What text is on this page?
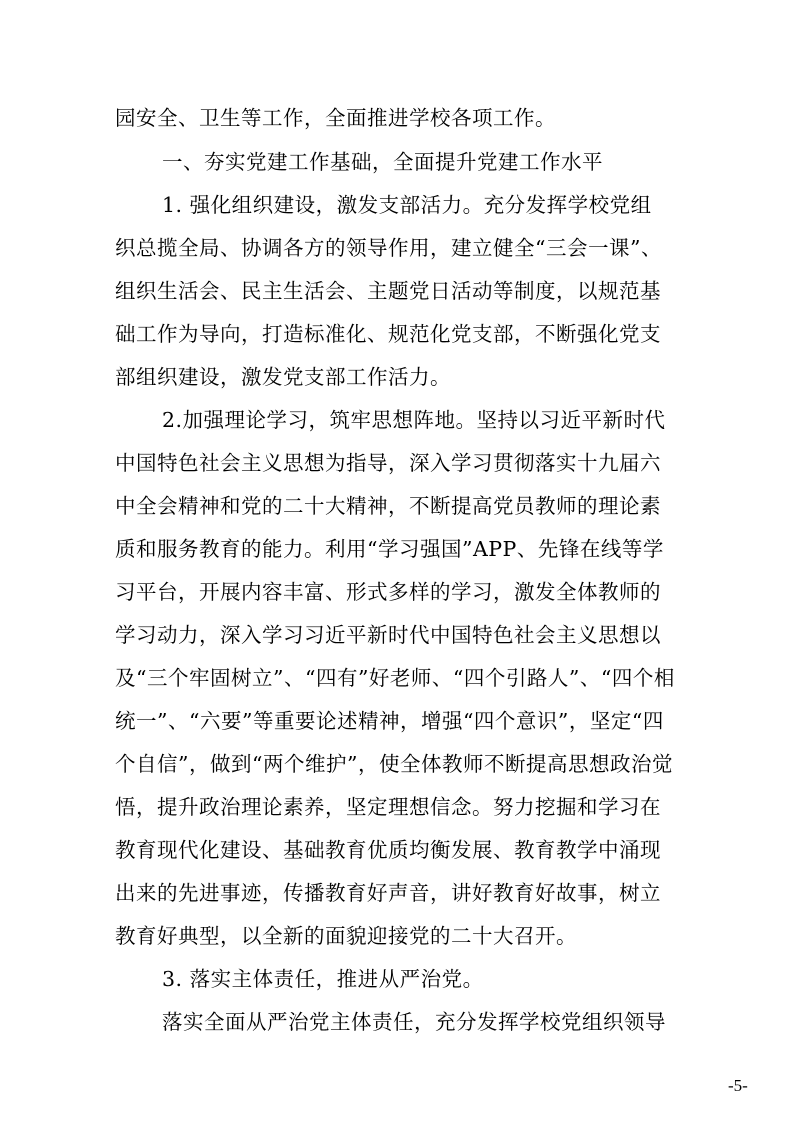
园安全、卫生等工作，全面推进学校各项工作。
一、夯实党建工作基础，全面提升党建工作水平
1. 强化组织建设，激发支部活力。充分发挥学校党组
织总揽全局、协调各方的领导作用，建立健全“三会一课”、
组织生活会、民主生活会、主题党日活动等制度，以规范基
础工作为导向，打造标准化、规范化党支部，不断强化党支
部组织建设，激发党支部工作活力。
2.加强理论学习，筑牢思想阵地。坚持以习近平新时代
中国特色社会主义思想为指导，深入学习贯彻落实十九届六
中全会精神和党的二十大精神，不断提高党员教师的理论素
质和服务教育的能力。利用“学习强国”APP、先锋在线等学
习平台，开展内容丰富、形式多样的学习，激发全体教师的
学习动力，深入学习习近平新时代中国特色社会主义思想以
及“三个牢固树立”、“四有”好老师、“四个引路人”、“四个相
统一”、“六要”等重要论述精神，增强“四个意识”，坚定“四
个自信”，做到“两个维护”，使全体教师不断提高思想政治觉
悟，提升政治理论素养，坚定理想信念。努力挖掘和学习在
教育现代化建设、基础教育优质均衡发展、教育教学中涌现
出来的先进事迹，传播教育好声音，讲好教育好故事，树立
教育好典型，以全新的面貌迎接党的二十大召开。
3. 落实主体责任，推进从严治党。
落实全面从严治党主体责任，充分发挥学校党组织领导
-5-
